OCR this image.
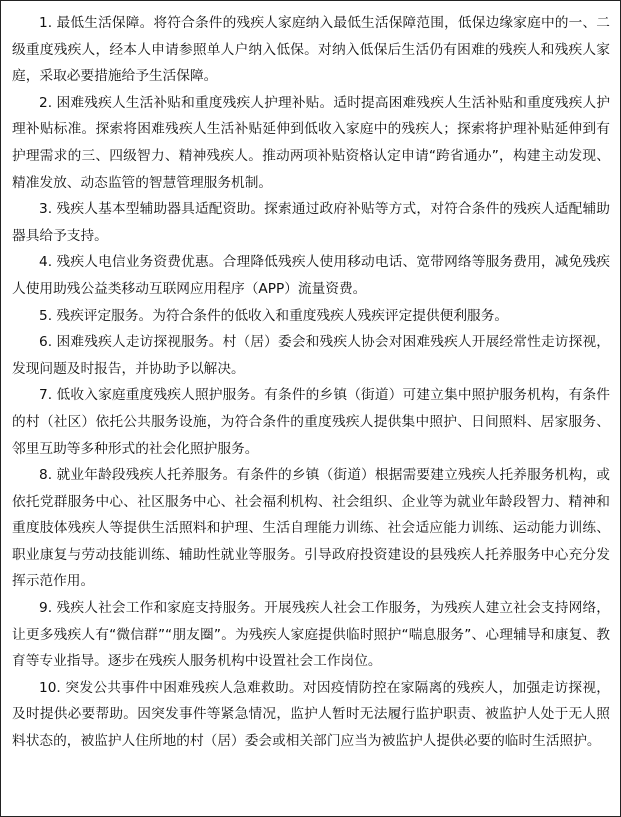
1. 最低生活保障。将符合条件的残疾人家庭纳入最低生活保障范围，低保边缘家庭中的一、二级重度残疾人，经本人申请参照单人户纳入低保。对纳入低保后生活仍有困难的残疾人和残疾人家庭，采取必要措施给予生活保障。

2. 困难残疾人生活补贴和重度残疾人护理补贴。适时提高困难残疾人生活补贴和重度残疾人护理补贴标准。探索将困难残疾人生活补贴延伸到低收入家庭中的残疾人；探索将护理补贴延伸到有护理需求的三、四级智力、精神残疾人。推动两项补贴资格认定申请“跨省通办”，构建主动发现、精准发放、动态监管的智慧管理服务机制。

3. 残疾人基本型辅助器具适配资助。探索通过政府补贴等方式，对符合条件的残疾人适配辅助器具给予支持。

4. 残疾人电信业务资费优惠。合理降低残疾人使用移动电话、宽带网络等服务费用，减免残疾人使用助残公益类移动互联网应用程序（APP）流量资费。

5. 残疾评定服务。为符合条件的低收入和重度残疾人残疾评定提供便利服务。

6. 困难残疾人走访探视服务。村（居）委会和残疾人协会对困难残疾人开展经常性走访探视，发现问题及时报告，并协助予以解决。

7. 低收入家庭重度残疾人照护服务。有条件的乡镇（街道）可建立集中照护服务机构，有条件的村（社区）依托公共服务设施，为符合条件的重度残疾人提供集中照护、日间照料、居家服务、邻里互助等多种形式的社会化照护服务。

8. 就业年龄段残疾人托养服务。有条件的乡镇（街道）根据需要建立残疾人托养服务机构，或依托党群服务中心、社区服务中心、社会福利机构、社会组织、企业等为就业年龄段智力、精神和重度肢体残疾人等提供生活照料和护理、生活自理能力训练、社会适应能力训练、运动能力训练、职业康复与劳动技能训练、辅助性就业等服务。引导政府投资建设的县残疾人托养服务中心充分发挥示范作用。

9. 残疾人社会工作和家庭支持服务。开展残疾人社会工作服务，为残疾人建立社会支持网络，让更多残疾人有“微信群”“朋友圈”。为残疾人家庭提供临时照护“喘息服务”、心理辅导和康复、教育等专业指导。逐步在残疾人服务机构中设置社会工作岗位。

10. 突发公共事件中困难残疾人急难救助。对因疫情防控在家隔离的残疾人，加强走访探视，及时提供必要帮助。因突发事件等紧急情况，监护人暂时无法履行监护职责、被监护人处于无人照料状态的，被监护人住所地的村（居）委会或相关部门应当为被监护人提供必要的临时生活照护。
